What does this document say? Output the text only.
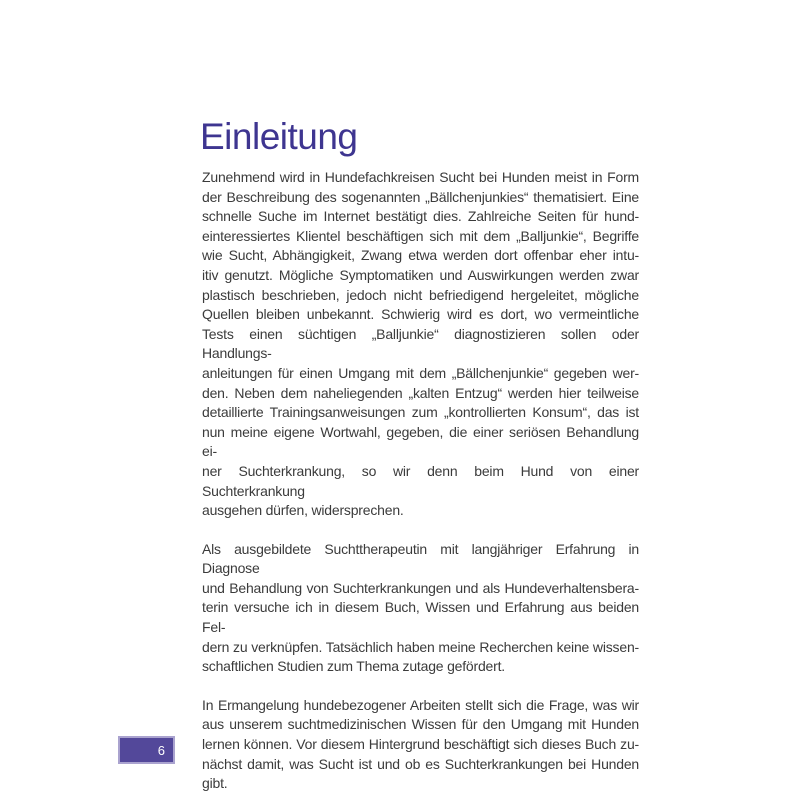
Einleitung

Zunehmend wird in Hundefachkreisen Sucht bei Hunden meist in Form
der Beschreibung des sogenannten „Bällchenjunkies“ thematisiert. Eine
schnelle Suche im Internet bestätigt dies. Zahlreiche Seiten für hund-
einteressiertes Klientel beschäftigen sich mit dem „Balljunkie“, Begriffe
wie Sucht, Abhängigkeit, Zwang etwa werden dort offenbar eher intu-
itiv genutzt. Mögliche Symptomatiken und Auswirkungen werden zwar
plastisch beschrieben, jedoch nicht befriedigend hergeleitet, mögliche
Quellen bleiben unbekannt. Schwierig wird es dort, wo vermeintliche
Tests einen süchtigen „Balljunkie“ diagnostizieren sollen oder Handlungs-
anleitungen für einen Umgang mit dem „Bällchenjunkie“ gegeben wer-
den. Neben dem naheliegenden „kalten Entzug“ werden hier teilweise
detaillierte Trainingsanweisungen zum „kontrollierten Konsum“, das ist
nun meine eigene Wortwahl, gegeben, die einer seriösen Behandlung ei-
ner Suchterkrankung, so wir denn beim Hund von einer Suchterkrankung
ausgehen dürfen, widersprechen.

Als ausgebildete Suchttherapeutin mit langjähriger Erfahrung in Diagnose
und Behandlung von Suchterkrankungen und als Hundeverhaltensbera-
terin versuche ich in diesem Buch, Wissen und Erfahrung aus beiden Fel-
dern zu verknüpfen. Tatsächlich haben meine Recherchen keine wissen-
schaftlichen Studien zum Thema zutage gefördert.

In Ermangelung hundebezogener Arbeiten stellt sich die Frage, was wir
aus unserem suchtmedizinischen Wissen für den Umgang mit Hunden
lernen können. Vor diesem Hintergrund beschäftigt sich dieses Buch zu-
nächst damit, was Sucht ist und ob es Suchterkrankungen bei Hunden
gibt.

6
